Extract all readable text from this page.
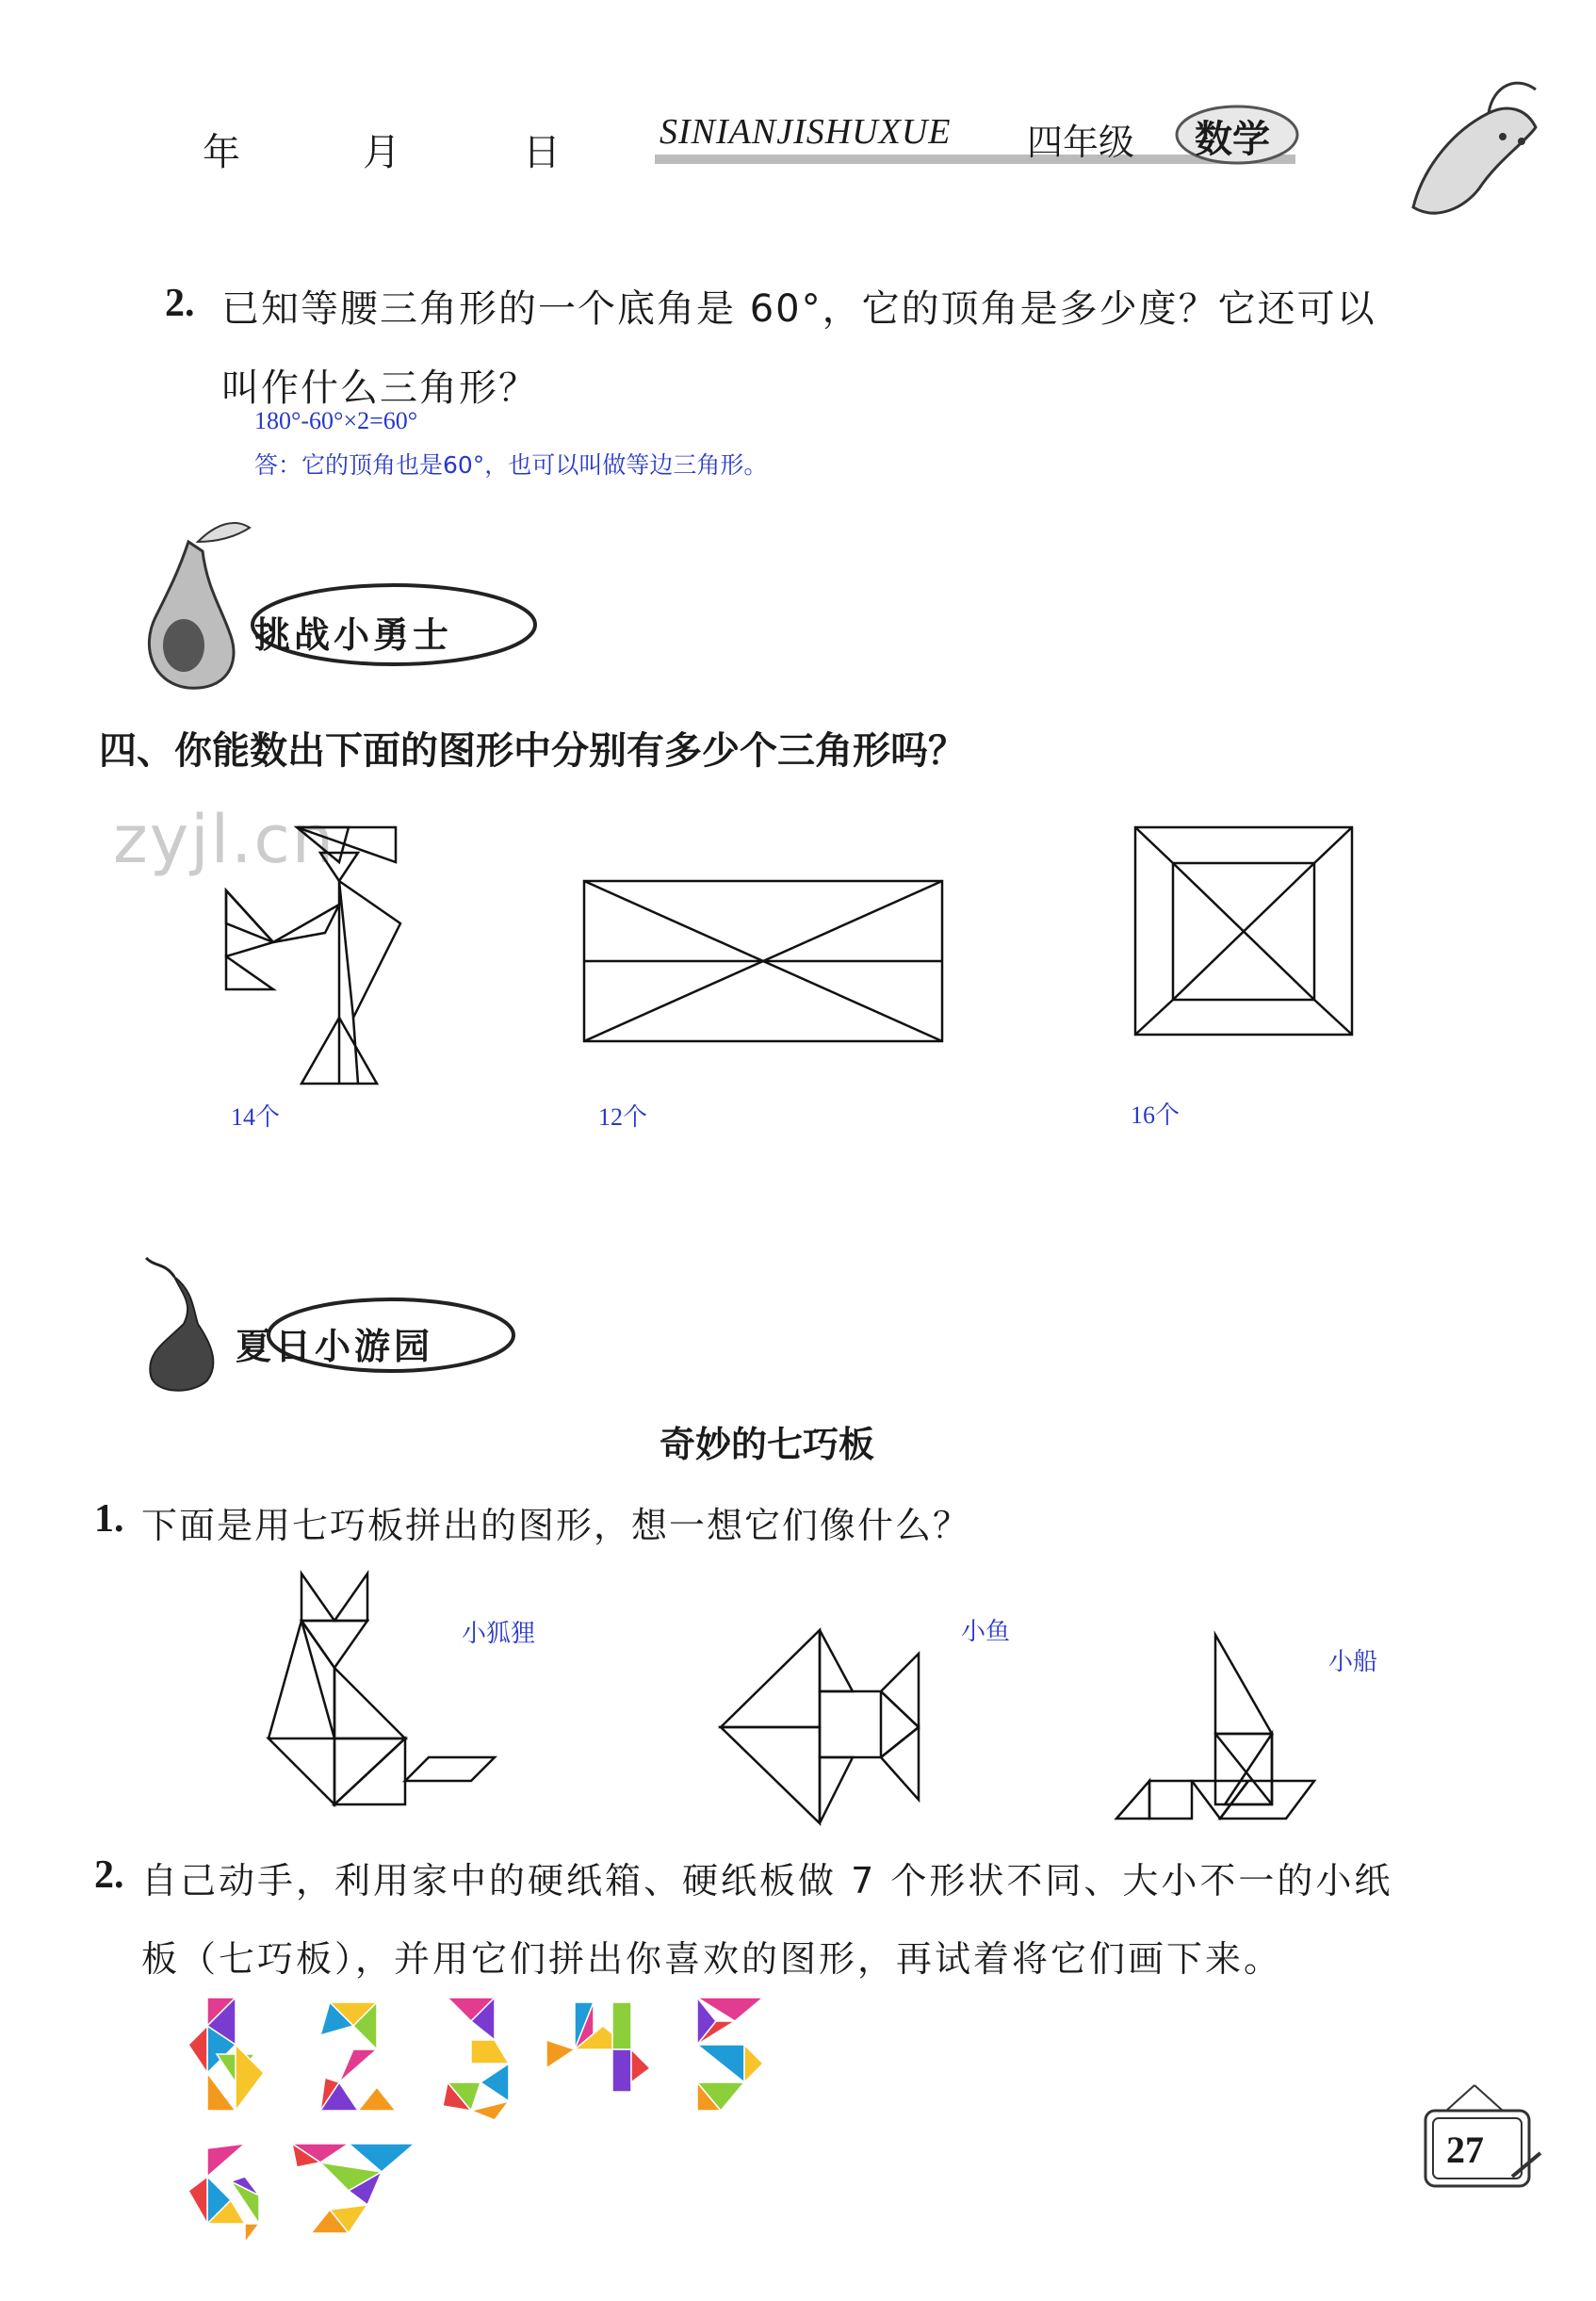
年	月	日	SINIANJISHUXUE 四年级 数学
2. 已知等腰三角形的一个底角是 60°，它的顶角是多少度？它还可以
叫作什么三角形？
180°-60°×2=60°
答：它的顶角也是60°，也可以叫做等边三角形。
挑战小勇士
四、你能数出下面的图形中分别有多少个三角形吗？
zyjl.cn
14个	12个	16个
夏日小游园
奇妙的七巧板
1. 下面是用七巧板拼出的图形，想一想它们像什么？
小狐狸	小鱼
小船
2. 自己动手，利用家中的硬纸箱、硬纸板做 7 个形状不同、大小不一的小纸
板（七巧板），并用它们拼出你喜欢的图形，再试着将它们画下来。
27
